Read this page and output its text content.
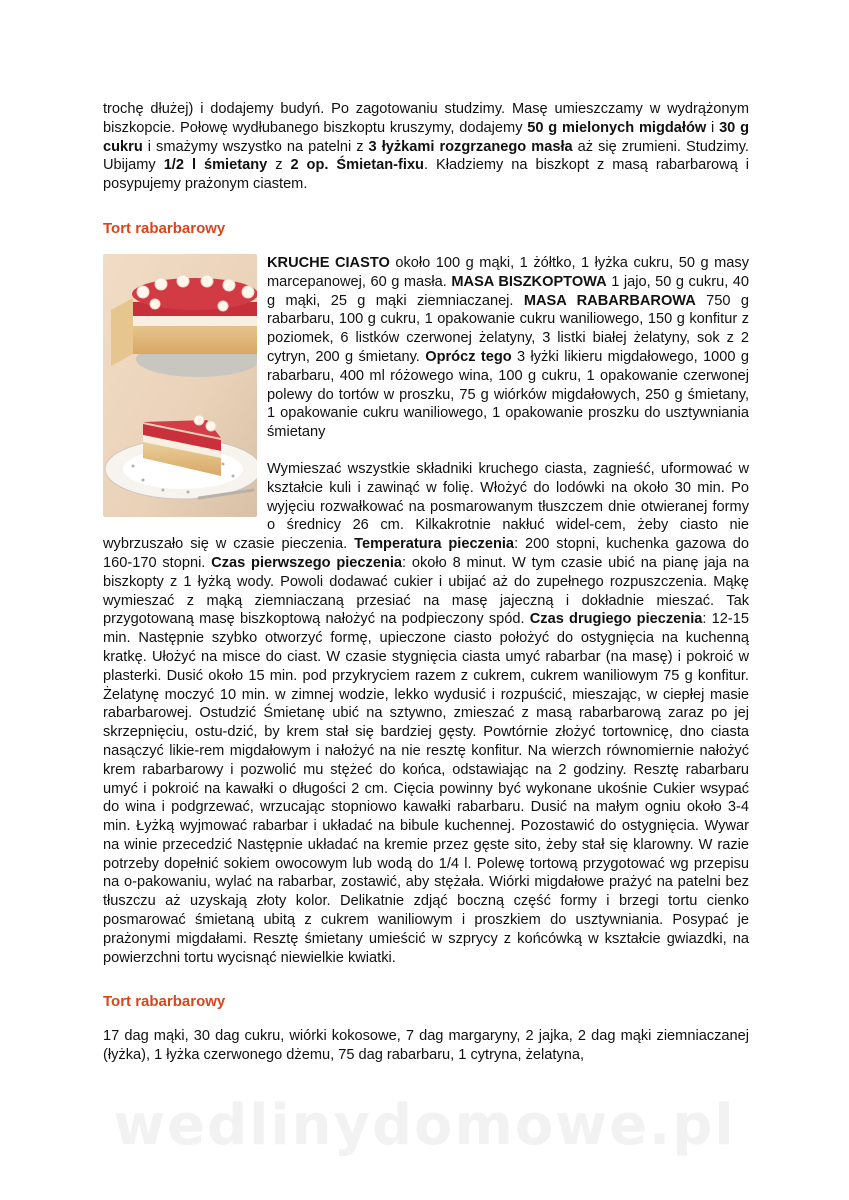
trochę dłużej) i dodajemy budyń. Po zagotowaniu studzimy. Masę umieszczamy w wydrążonym biszkopcie. Połowę wydłubanego biszkoptu kruszymy, dodajemy 50 g mielonych migdałów i 30 g cukru i smażymy wszystko na patelni z 3 łyżkami rozgrzanego masła aż się zrumieni. Studzimy. Ubijamy 1/2 l śmietany z 2 op. Śmietan-fixu. Kładziemy na biszkopt z masą rabarbarową i posypujemy prażonym ciastem.

Tort rabarbarowy

KRUCHE CIASTO około 100 g mąki, 1 żółtko, 1 łyżka cukru, 50 g masy marcepanowej, 60 g masła. MASA BISZKOPTOWA 1 jajo, 50 g cukru, 40 g mąki, 25 g mąki ziemniaczanej. MASA RABARBAROWA 750 g rabarbaru, 100 g cukru, 1 opakowanie cukru waniliowego, 150 g konfitur z poziomek, 6 listków czerwonej żelatyny, 3 listki białej żelatyny, sok z 2 cytryn, 200 g śmietany. Oprócz tego 3 łyżki likieru migdałowego, 1000 g rabarbaru, 400 ml różowego wina, 100 g cukru, 1 opakowanie czerwonej polewy do tortów w proszku, 75 g wiórków migdałowych, 250 g śmietany, 1 opakowanie cukru waniliowego, 1 opakowanie proszku do usztywniania śmietany

Wymieszać wszystkie składniki kruchego ciasta, zagnieść, uformować w kształcie kuli i zawinąć w folię. Włożyć do lodówki na około 30 min. Po wyjęciu rozwałkować na posmarowanym tłuszczem dnie otwieranej formy o średnicy 26 cm. Kilkakrotnie nakłuć widel-cem, żeby ciasto nie wybrzuszało się w czasie pieczenia. Temperatura pieczenia: 200 stopni, kuchenka gazowa do 160-170 stopni. Czas pierwszego pieczenia: około 8 minut. W tym czasie ubić na pianę jaja na biszkopty z 1 łyżką wody. Powoli dodawać cukier i ubijać aż do zupełnego rozpuszczenia. Mąkę wymieszać z mąką ziemniaczaną przesiać na masę jajeczną i dokładnie mieszać. Tak przygotowaną masę biszkoptową nałożyć na podpieczony spód. Czas drugiego pieczenia: 12-15 min. Następnie szybko otworzyć formę, upieczone ciasto położyć do ostygnięcia na kuchenną kratkę. Ułożyć na misce do ciast. W czasie stygnięcia ciasta umyć rabarbar (na masę) i pokroić w plasterki. Dusić około 15 min. pod przykryciem razem z cukrem, cukrem waniliowym 75 g konfitur. Żelatynę moczyć 10 min. w zimnej wodzie, lekko wydusić i rozpuścić, mieszając, w ciepłej masie rabarbarowej. Ostudzić Śmietanę ubić na sztywno, zmieszać z masą rabarbarową zaraz po jej skrzepnięciu, ostu-dzić, by krem stał się bardziej gęsty. Powtórnie złożyć tortownicę, dno ciasta nasączyć likie-rem migdałowym i nałożyć na nie resztę konfitur. Na wierzch równomiernie nałożyć krem rabarbarowy i pozwolić mu stężeć do końca, odstawiając na 2 godziny. Resztę rabarbaru umyć i pokroić na kawałki o długości 2 cm. Cięcia powinny być wykonane ukośnie Cukier wsypać do wina i podgrzewać, wrzucając stopniowo kawałki rabarbaru. Dusić na małym ogniu około 3-4 min. Łyżką wyjmować rabarbar i układać na bibule kuchennej. Pozostawić do ostygnięcia. Wywar na winie przecedzić Następnie układać na kremie przez gęste sito, żeby stał się klarowny. W razie potrzeby dopełnić sokiem owocowym lub wodą do 1/4 l. Polewę tortową przygotować wg przepisu na o-pakowaniu, wylać na rabarbar, zostawić, aby stężała. Wiórki migdałowe prażyć na patelni bez tłuszczu aż uzyskają złoty kolor. Delikatnie zdjąć boczną część formy i brzegi tortu cienko posmarować śmietaną ubitą z cukrem waniliowym i proszkiem do usztywniania. Posypać je prażonymi migdałami. Resztę śmietany umieścić w szprycy z końcówką w kształcie gwiazdki, na powierzchni tortu wycisnąć niewielkie kwiatki.

Tort rabarbarowy

17 dag mąki, 30 dag cukru, wiórki kokosowe, 7 dag margaryny, 2 jajka, 2 dag mąki ziemniaczanej (łyżka), 1 łyżka czerwonego dżemu, 75 dag rabarbaru, 1 cytryna, żelatyna,

wedlinydomowe.pl
